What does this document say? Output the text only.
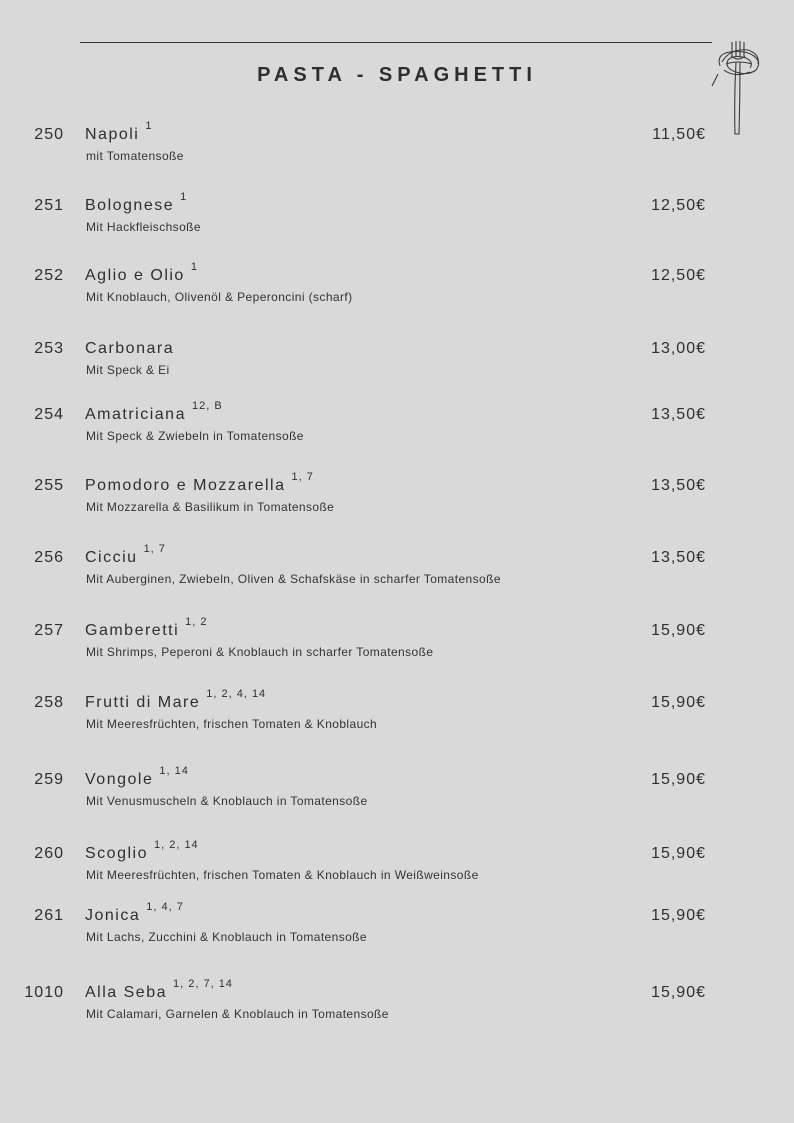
PASTA - SPAGHETTI
250 Napoli $^1$
mit Tomatensoße
11,50€
251 Bolognese $^1$
Mit Hackfleischsoße
12,50€
252 Aglio e Olio $^1$
Mit Knoblauch, Olivenöl & Peperoncini (scharf)
12,50€
253 Carbonara
Mit Speck & Ei
13,00€
254 Amatriciana $^{12, B}$
Mit Speck & Zwiebeln in Tomatensoße
13,50€
255 Pomodoro e Mozzarella $^{1, 7}$
Mit Mozzarella & Basilikum in Tomatensoße
13,50€
256 Cicciu $^{1, 7}$
Mit Auberginen, Zwiebeln, Oliven & Schafskäse in scharfer Tomatensoße
13,50€
257 Gamberetti $^{1, 2}$
Mit Shrimps, Peperoni & Knoblauch in scharfer Tomatensoße
15,90€
258 Frutti di Mare $^{1, 2, 4, 14}$
Mit Meeresfrüchten, frischen Tomaten & Knoblauch
15,90€
259 Vongole $^{1, 14}$
Mit Venusmuscheln & Knoblauch in Tomatensoße
15,90€
260 Scoglio $^{1, 2, 14}$
Mit Meeresfrüchten, frischen Tomaten & Knoblauch in Weißweinsoße
15,90€
261 Jonica $^{1, 4, 7}$
Mit Lachs, Zucchini & Knoblauch in Tomatensoße
15,90€
1010 Alla Seba $^{1, 2, 7, 14}$
Mit Calamari, Garnelen & Knoblauch in Tomatensoße
15,90€
